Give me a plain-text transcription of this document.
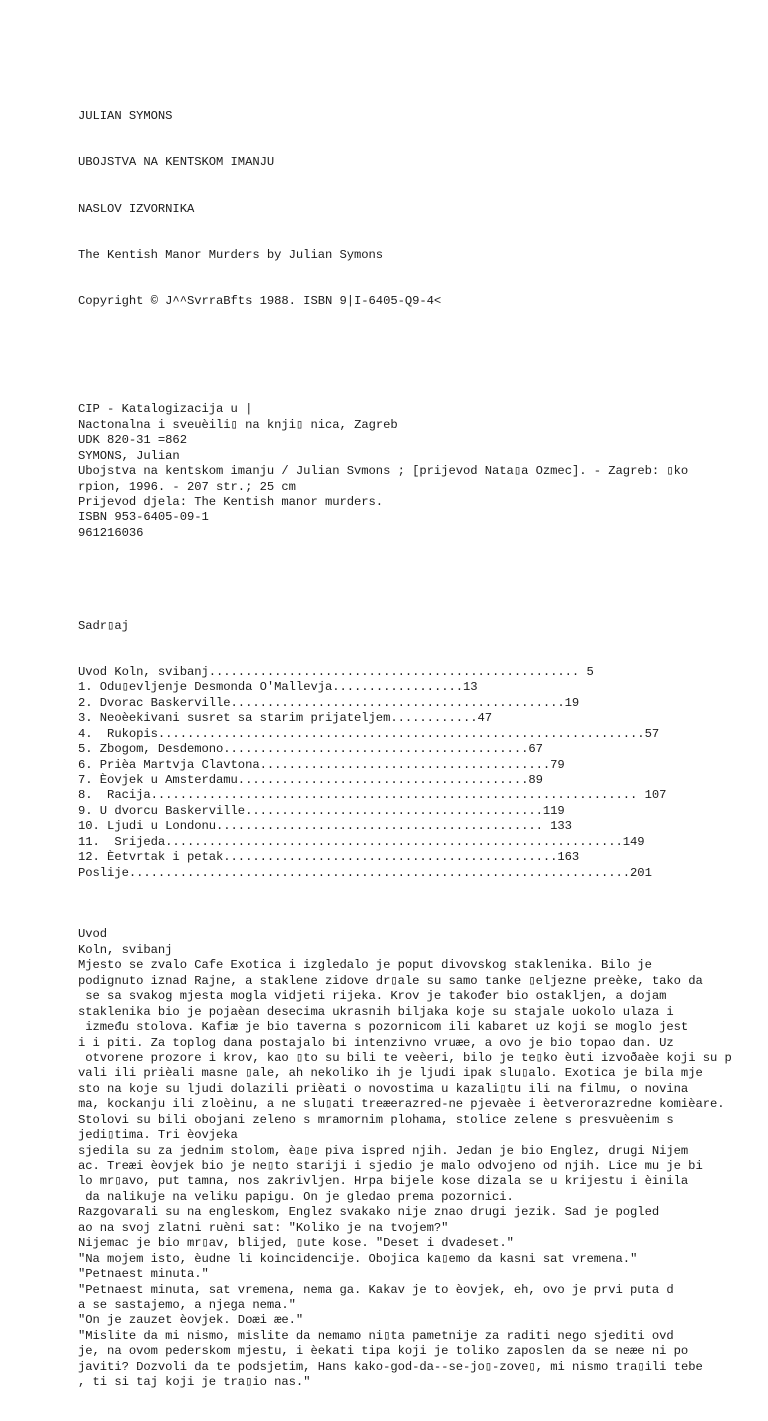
JULIAN SYMONS

UBOJSTVA NA KENTSKOM IMANJU

NASLOV IZVORNIKA

The Kentish Manor Murders by Julian Symons

Copyright © J^^SvrraBfts 1988. ISBN 9|I-6405-Q9-4<

CIP - Katalogizacija u |
Nactonalna i sveuèili▯ na knji▯ nica, Zagreb
UDK 820-31 =862
SYMONS, Julian
Ubojstva na kentskom imanju / Julian Svmons ; [prijevod Nata▯a Ozmec]. - Zagreb: ▯ko
rpion, 1996. - 207 str.; 25 cm
Prijevod djela: The Kentish manor murders.
ISBN 953-6405-09-1
961216036

Sadr▯aj

Uvod Koln, svibanj................................................... 5
1. Odu▯evljenje Desmonda O'Mallevja..................13
2. Dvorac Baskerville..............................................19
3. Neoèekivani susret sa starim prijateljem............47
4.  Rukopis...................................................................57
5. Zbogom, Desdemono..........................................67
6. Prièa Martvja Clavtona........................................79
7. Èovjek u Amsterdamu........................................89
8.  Racija................................................................... 107
9. U dvorcu Baskerville.........................................119
10. Ljudi u Londonu............................................. 133
11.  Srijeda...............................................................149
12. Èetvrtak i petak..............................................163
Poslije.....................................................................201

Uvod
Koln, svibanj
Mjesto se zvalo Cafe Exotica i izgledalo je poput divovskog staklenika. Bilo je
podignuto iznad Rajne, a staklene zidove dr▯ale su samo tanke ▯eljezne preèke, tako da
se sa svakog mjesta mogla vidjeti rijeka. Krov je također bio ostakljen, a dojam
staklenika bio je pojaèan desecima ukrasnih biljaka koje su stajale uokolo ulaza i
između stolova. Kafiæ je bio taverna s pozornicom ili kabaret uz koji se moglo jest
i i piti. Za toplog dana postajalo bi intenzivno vruæe, a ovo je bio topao dan. Uz
otvorene prozore i krov, kao ▯to su bili te veèeri, bilo je te▯ko èuti izvoðaèe koji su p
vali ili prièali masne ▯ale, ah nekoliko ih je ljudi ipak slu▯alo. Exotica je bila mje
sto na koje su ljudi dolazili prièati o novostima u kazali▯tu ili na filmu, o novina
ma, kockanju ili zloèinu, a ne slu▯ati treæerazred-ne pjevaèe i èetverorazredne komièare.
Stolovi su bili obojani zeleno s mramornim plohama, stolice zelene s presvuèenim s
jedi▯tima. Tri èovjeka
sjedila su za jednim stolom, èa▯e piva ispred njih. Jedan je bio Englez, drugi Nijem
ac. Treæi èovjek bio je ne▯to stariji i sjedio je malo odvojeno od njih. Lice mu je bi
lo mr▯avo, put tamna, nos zakrivljen. Hrpa bijele kose dizala se u krijestu i èinila
da nalikuje na veliku papigu. On je gledao prema pozornici.
Razgovarali su na engleskom, Englez svakako nije znao drugi jezik. Sad je pogled
ao na svoj zlatni ruèni sat: "Koliko je na tvojem?"
Nijemac je bio mr▯av, blijed, ▯ute kose. "Deset i dvadeset."
"Na mojem isto, èudne li koincidencije. Obojica ka▯emo da kasni sat vremena."
"Petnaest minuta."
"Petnaest minuta, sat vremena, nema ga. Kakav je to èovjek, eh, ovo je prvi puta d
a se sastajemo, a njega nema."
"On je zauzet èovjek. Doæi æe."
"Mislite da mi nismo, mislite da nemamo ni▯ta pametnije za raditi nego sjediti ovd
je, na ovom pederskom mjestu, i èekati tipa koji je toliko zaposlen da se neæe ni po
javiti? Dozvoli da te podsjetim, Hans kako-god-da--se-jo▯-zove▯, mi nismo tra▯ili tebe
, ti si taj koji je tra▯io nas."
